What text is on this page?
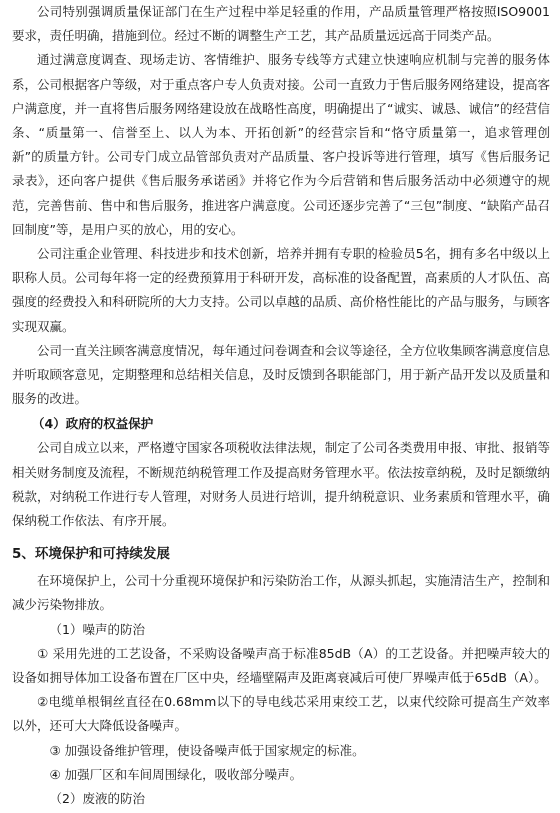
公司特别强调质量保证部门在生产过程中举足轻重的作用，产品质量管理严格按照ISO9001要求，责任明确，措施到位。经过不断的调整生产工艺，其产品质量远远高于同类产品。

通过满意度调查、现场走访、客情维护、服务专线等方式建立快速响应机制与完善的服务体系，公司根据客户等级，对于重点客户专人负责对接。公司一直致力于售后服务网络建设，提高客户满意度，并一直将售后服务网络建设放在战略性高度，明确提出了“诚实、诚恳、诚信”的经营信条、“质量第一、信誉至上、以人为本、开拓创新”的经营宗旨和“恪守质量第一，追求管理创新”的质量方针。公司专门成立品管部负责对产品质量、客户投诉等进行管理，填写《售后服务记录表》，还向客户提供《售后服务承诺函》并将它作为今后营销和售后服务活动中必须遵守的规范，完善售前、售中和售后服务，推进客户满意度。公司还逐步完善了“三包”制度、“缺陷产品召回制度”等，是用户买的放心，用的安心。

公司注重企业管理、科技进步和技术创新，培养并拥有专职的检验员5名，拥有多名中级以上职称人员。公司每年将一定的经费预算用于科研开发，高标准的设备配置，高素质的人才队伍、高强度的经费投入和科研院所的大力支持。公司以卓越的品质、高价格性能比的产品与服务，与顾客实现双赢。

公司一直关注顾客满意度情况，每年通过问卷调查和会议等途径，全方位收集顾客满意度信息并听取顾客意见，定期整理和总结相关信息，及时反馈到各职能部门，用于新产品开发以及质量和服务的改进。

（4）政府的权益保护

公司自成立以来，严格遵守国家各项税收法律法规，制定了公司各类费用申报、审批、报销等相关财务制度及流程，不断规范纳税管理工作及提高财务管理水平。依法按章纳税，及时足额缴纳税款，对纳税工作进行专人管理，对财务人员进行培训，提升纳税意识、业务素质和管理水平，确保纳税工作依法、有序开展。

5、环境保护和可持续发展

在环境保护上，公司十分重视环境保护和污染防治工作，从源头抓起，实施清洁生产，控制和减少污染物排放。

（1）噪声的防治

① 采用先进的工艺设备，不采购设备噪声高于标准85dB（A）的工艺设备。并把噪声较大的设备如拥导体加工设备布置在厂区中央，经墙壁隔声及距离衰减后可使厂界噪声低于65dB（A）。

②电缆单根铜丝直径在0.68mm以下的导电线芯采用束绞工艺，以束代绞除可提高生产效率以外，还可大大降低设备噪声。

③ 加强设备维护管理，使设备噪声低于国家规定的标准。

④ 加强厂区和车间周围绿化，吸收部分噪声。

（2）废液的防治
